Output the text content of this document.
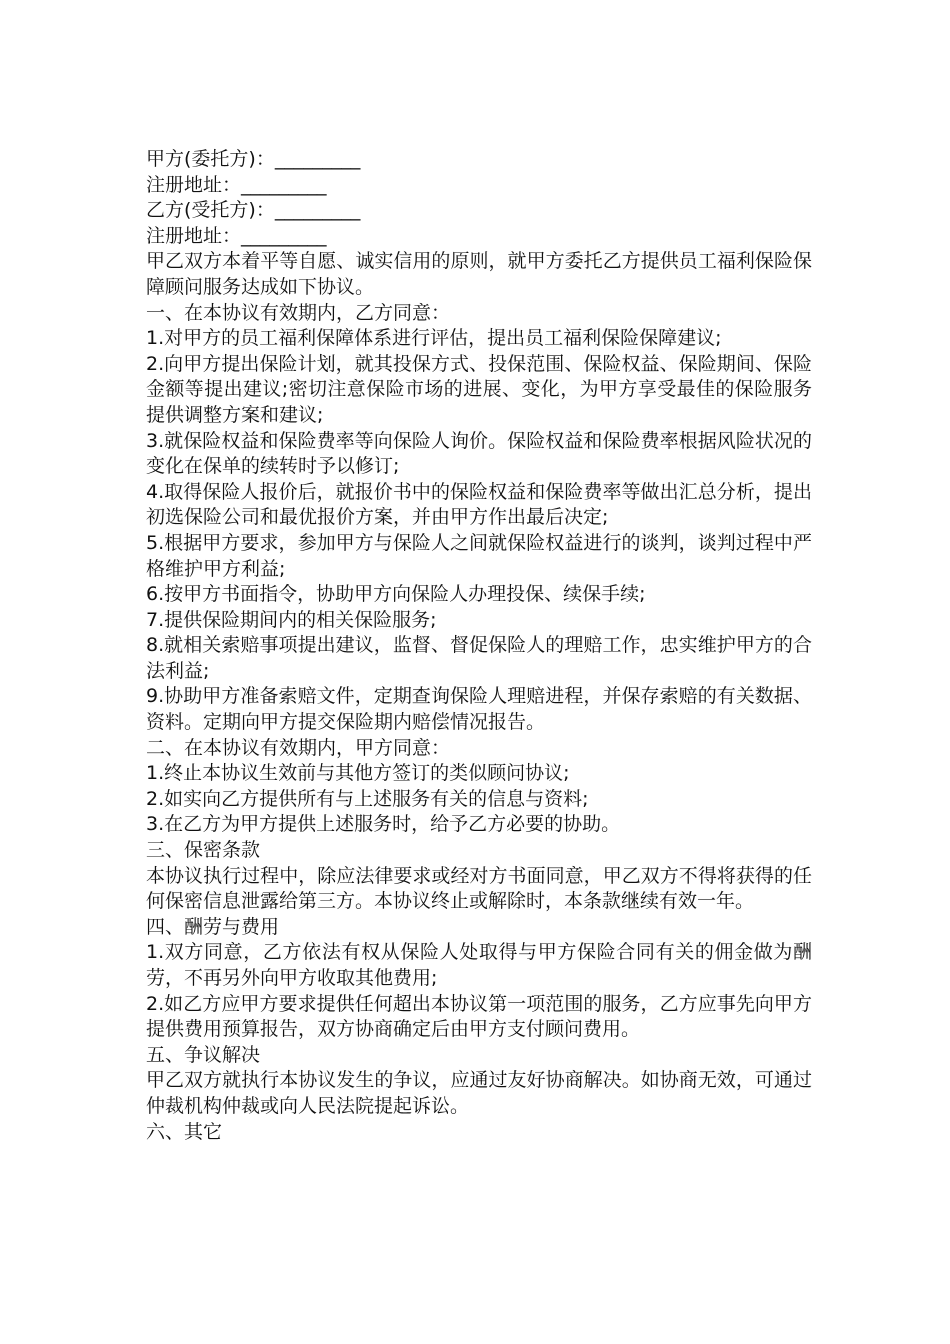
甲方(委托方)：_________

注册地址：_________

乙方(受托方)：_________

注册地址：_________

甲乙双方本着平等自愿、诚实信用的原则，就甲方委托乙方提供员工福利保险保障顾问服务达成如下协议。

一、在本协议有效期内，乙方同意：

1.对甲方的员工福利保障体系进行评估，提出员工福利保险保障建议;

2.向甲方提出保险计划，就其投保方式、投保范围、保险权益、保险期间、保险金额等提出建议;密切注意保险市场的进展、变化，为甲方享受最佳的保险服务提供调整方案和建议;

3.就保险权益和保险费率等向保险人询价。保险权益和保险费率根据风险状况的变化在保单的续转时予以修订;

4.取得保险人报价后，就报价书中的保险权益和保险费率等做出汇总分析，提出初选保险公司和最优报价方案，并由甲方作出最后决定;

5.根据甲方要求，参加甲方与保险人之间就保险权益进行的谈判，谈判过程中严格维护甲方利益;

6.按甲方书面指令，协助甲方向保险人办理投保、续保手续;

7.提供保险期间内的相关保险服务;

8.就相关索赔事项提出建议，监督、督促保险人的理赔工作，忠实维护甲方的合法利益;

9.协助甲方准备索赔文件，定期查询保险人理赔进程，并保存索赔的有关数据、资料。定期向甲方提交保险期内赔偿情况报告。

二、在本协议有效期内，甲方同意：

1.终止本协议生效前与其他方签订的类似顾问协议;

2.如实向乙方提供所有与上述服务有关的信息与资料;

3.在乙方为甲方提供上述服务时，给予乙方必要的协助。

三、保密条款

本协议执行过程中，除应法律要求或经对方书面同意，甲乙双方不得将获得的任何保密信息泄露给第三方。本协议终止或解除时，本条款继续有效一年。

四、酬劳与费用

1.双方同意，乙方依法有权从保险人处取得与甲方保险合同有关的佣金做为酬劳，不再另外向甲方收取其他费用;

2.如乙方应甲方要求提供任何超出本协议第一项范围的服务，乙方应事先向甲方提供费用预算报告，双方协商确定后由甲方支付顾问费用。

五、争议解决

甲乙双方就执行本协议发生的争议，应通过友好协商解决。如协商无效，可通过仲裁机构仲裁或向人民法院提起诉讼。

六、其它
